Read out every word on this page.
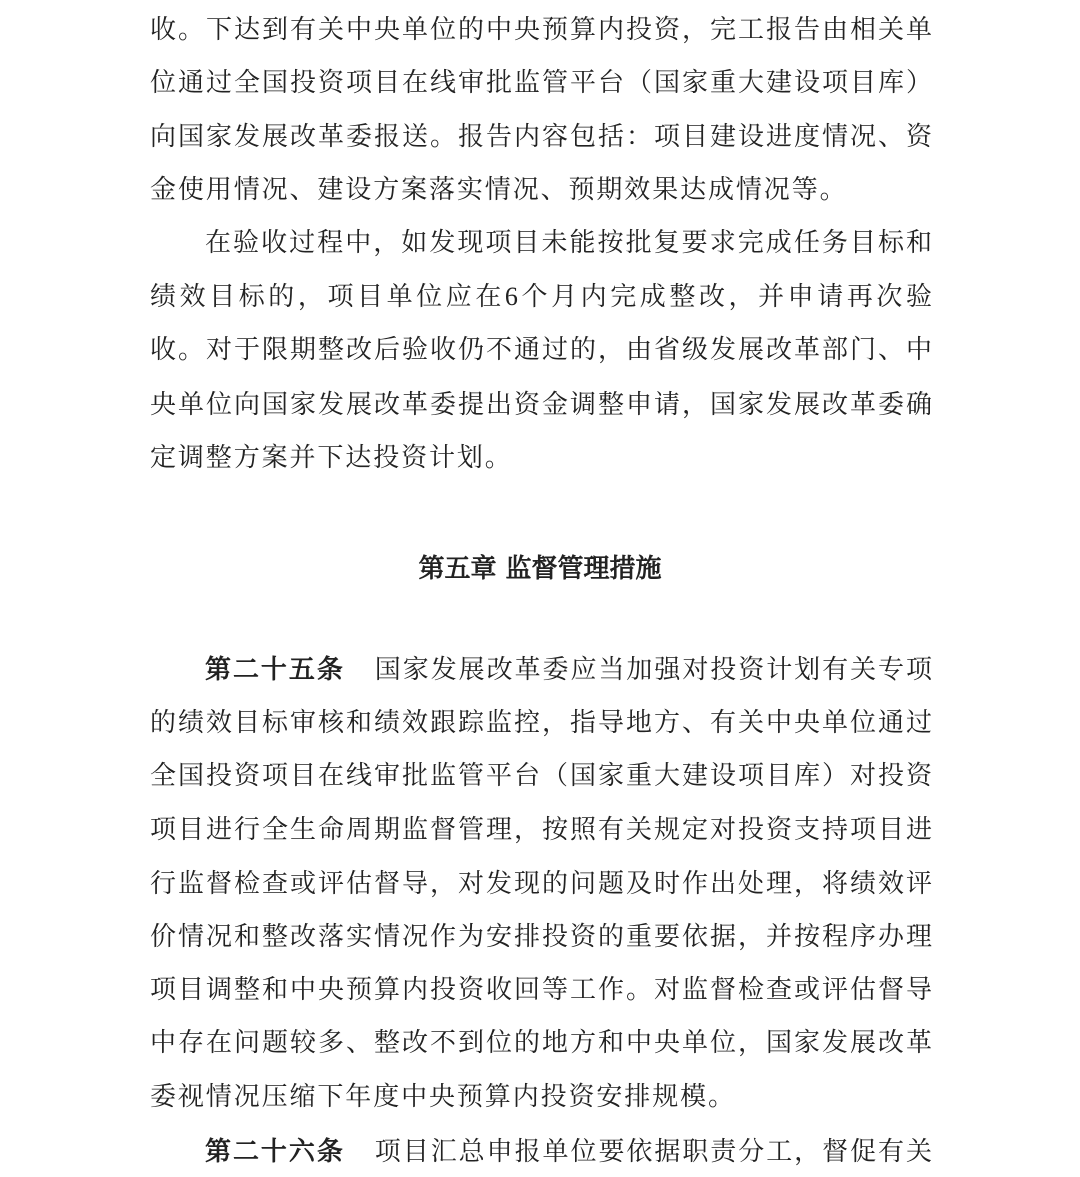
收。下达到有关中央单位的中央预算内投资，完工报告由相关单
位通过全国投资项目在线审批监管平台（国家重大建设项目库）
向国家发展改革委报送。报告内容包括：项目建设进度情况、资
金使用情况、建设方案落实情况、预期效果达成情况等。
在验收过程中，如发现项目未能按批复要求完成任务目标和
绩效目标的，项目单位应在6个月内完成整改，并申请再次验
收。对于限期整改后验收仍不通过的，由省级发展改革部门、中
央单位向国家发展改革委提出资金调整申请，国家发展改革委确
定调整方案并下达投资计划。
第五章 监督管理措施
第二十五条 国家发展改革委应当加强对投资计划有关专项
的绩效目标审核和绩效跟踪监控，指导地方、有关中央单位通过
全国投资项目在线审批监管平台（国家重大建设项目库）对投资
项目进行全生命周期监督管理，按照有关规定对投资支持项目进
行监督检查或评估督导，对发现的问题及时作出处理，将绩效评
价情况和整改落实情况作为安排投资的重要依据，并按程序办理
项目调整和中央预算内投资收回等工作。对监督检查或评估督导
中存在问题较多、整改不到位的地方和中央单位，国家发展改革
委视情况压缩下年度中央预算内投资安排规模。
第二十六条 项目汇总申报单位要依据职责分工，督促有关
